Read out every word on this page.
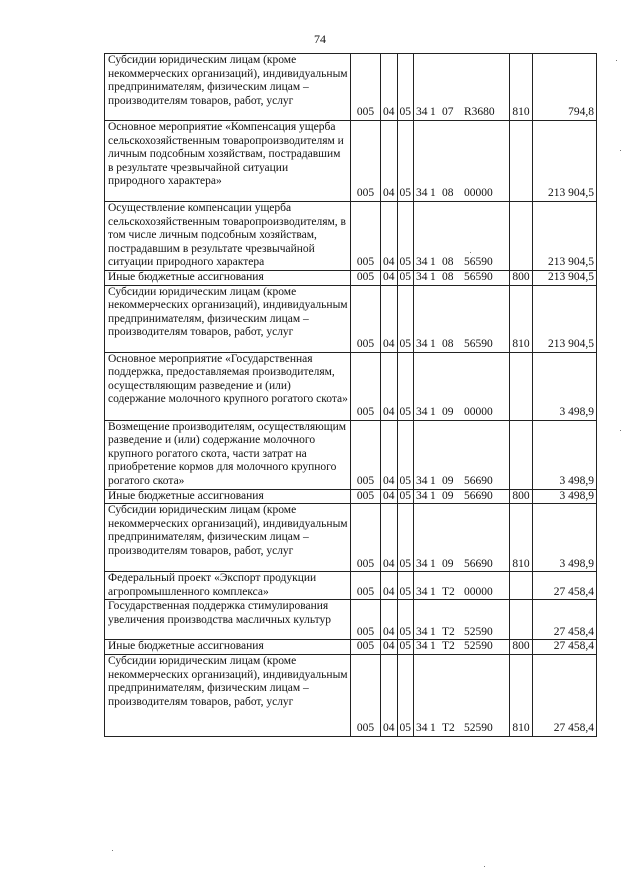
74
Субсидии юридическим лицам (кроме некоммерческих организаций), индивидуальным предпринимателям, физическим лицам – производителям товаров, работ, услуг	005	04	05	34 1 07 R3680	810	794,8
Основное мероприятие «Компенсация ущерба сельскохозяйственным товаропроизводителям и личным подсобным хозяйствам, пострадавшим в результате чрезвычайной ситуации природного характера»	005	04	05	34 1 08 00000		213 904,5
Осуществление компенсации ущерба сельскохозяйственным товаропроизводителям, в том числе личным подсобным хозяйствам, пострадавшим в результате чрезвычайной ситуации природного характера	005	04	05	34 1 08 56590		213 904,5
Иные бюджетные ассигнования	005	04	05	34 1 08 56590	800	213 904,5
Субсидии юридическим лицам (кроме некоммерческих организаций), индивидуальным предпринимателям, физическим лицам – производителям товаров, работ, услуг	005	04	05	34 1 08 56590	810	213 904,5
Основное мероприятие «Государственная поддержка, предоставляемая производителям, осуществляющим разведение и (или) содержание молочного крупного рогатого скота»	005	04	05	34 1 09 00000		3 498,9
Возмещение производителям, осуществляющим разведение и (или) содержание молочного крупного рогатого скота, части затрат на приобретение кормов для молочного крупного рогатого скота»	005	04	05	34 1 09 56690		3 498,9
Иные бюджетные ассигнования	005	04	05	34 1 09 56690	800	3 498,9
Субсидии юридическим лицам (кроме некоммерческих организаций), индивидуальным предпринимателям, физическим лицам – производителям товаров, работ, услуг	005	04	05	34 1 09 56690	810	3 498,9
Федеральный проект «Экспорт продукции агропромышленного комплекса»	005	04	05	34 1 T2 00000		27 458,4
Государственная поддержка стимулирования увеличения производства масличных культур	005	04	05	34 1 T2 52590		27 458,4
Иные бюджетные ассигнования	005	04	05	34 1 T2 52590	800	27 458,4
Субсидии юридическим лицам (кроме некоммерческих организаций), индивидуальным предпринимателям, физическим лицам – производителям товаров, работ, услуг	005	04	05	34 1 T2 52590	810	27 458,4
